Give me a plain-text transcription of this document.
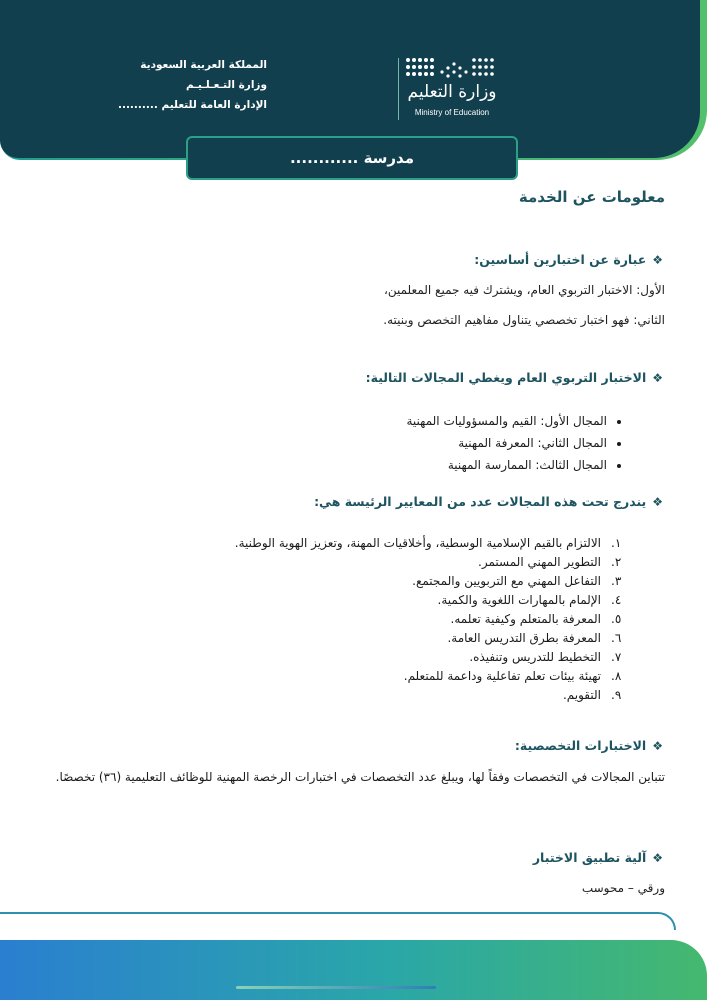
المملكة العربية السعودية
وزارة التـعـلـيـم
الإدارة العامة للتعليم ..........
وزارة التعليم
Ministry of Education
مدرسة ............
معلومات عن الخدمة
❖
عبارة عن اختبارين أساسين:
الأول: الاختبار التربوي العام، ويشترك فيه جميع المعلمين،
الثاني: فهو اختبار تخصصي يتناول مفاهيم التخصص وبنيته.
❖
الاختبار التربوي العام ويغطي المجالات التالية:
• المجال الأول: القيم والمسؤوليات المهنية
• المجال الثاني: المعرفة المهنية
• المجال الثالث: الممارسة المهنية
❖
يندرج تحت هذه المجالات عدد من المعايير الرئيسة هي:
١.
الالتزام بالقيم الإسلامية الوسطية، وأخلاقيات المهنة، وتعزيز الهوية الوطنية.
٢.
التطوير المهني المستمر.
٣.
التفاعل المهني مع التربويين والمجتمع.
٤.
الإلمام بالمهارات اللغوية والكمية.
٥.
المعرفة بالمتعلم وكيفية تعلمه.
٦.
المعرفة بطرق التدريس العامة.
٧.
التخطيط للتدريس وتنفيذه.
٨.
تهيئة بيئات تعلم تفاعلية وداعمة للمتعلم.
٩.
التقويم.
❖
الاختبارات التخصصية:
تتباين المجالات في التخصصات وفقاً لها، ويبلغ عدد التخصصات في اختبارات الرخصة المهنية للوظائف التعليمية (٣٦) تخصصًا.
❖
آلية تطبيق الاختبار
ورقي – محوسب
